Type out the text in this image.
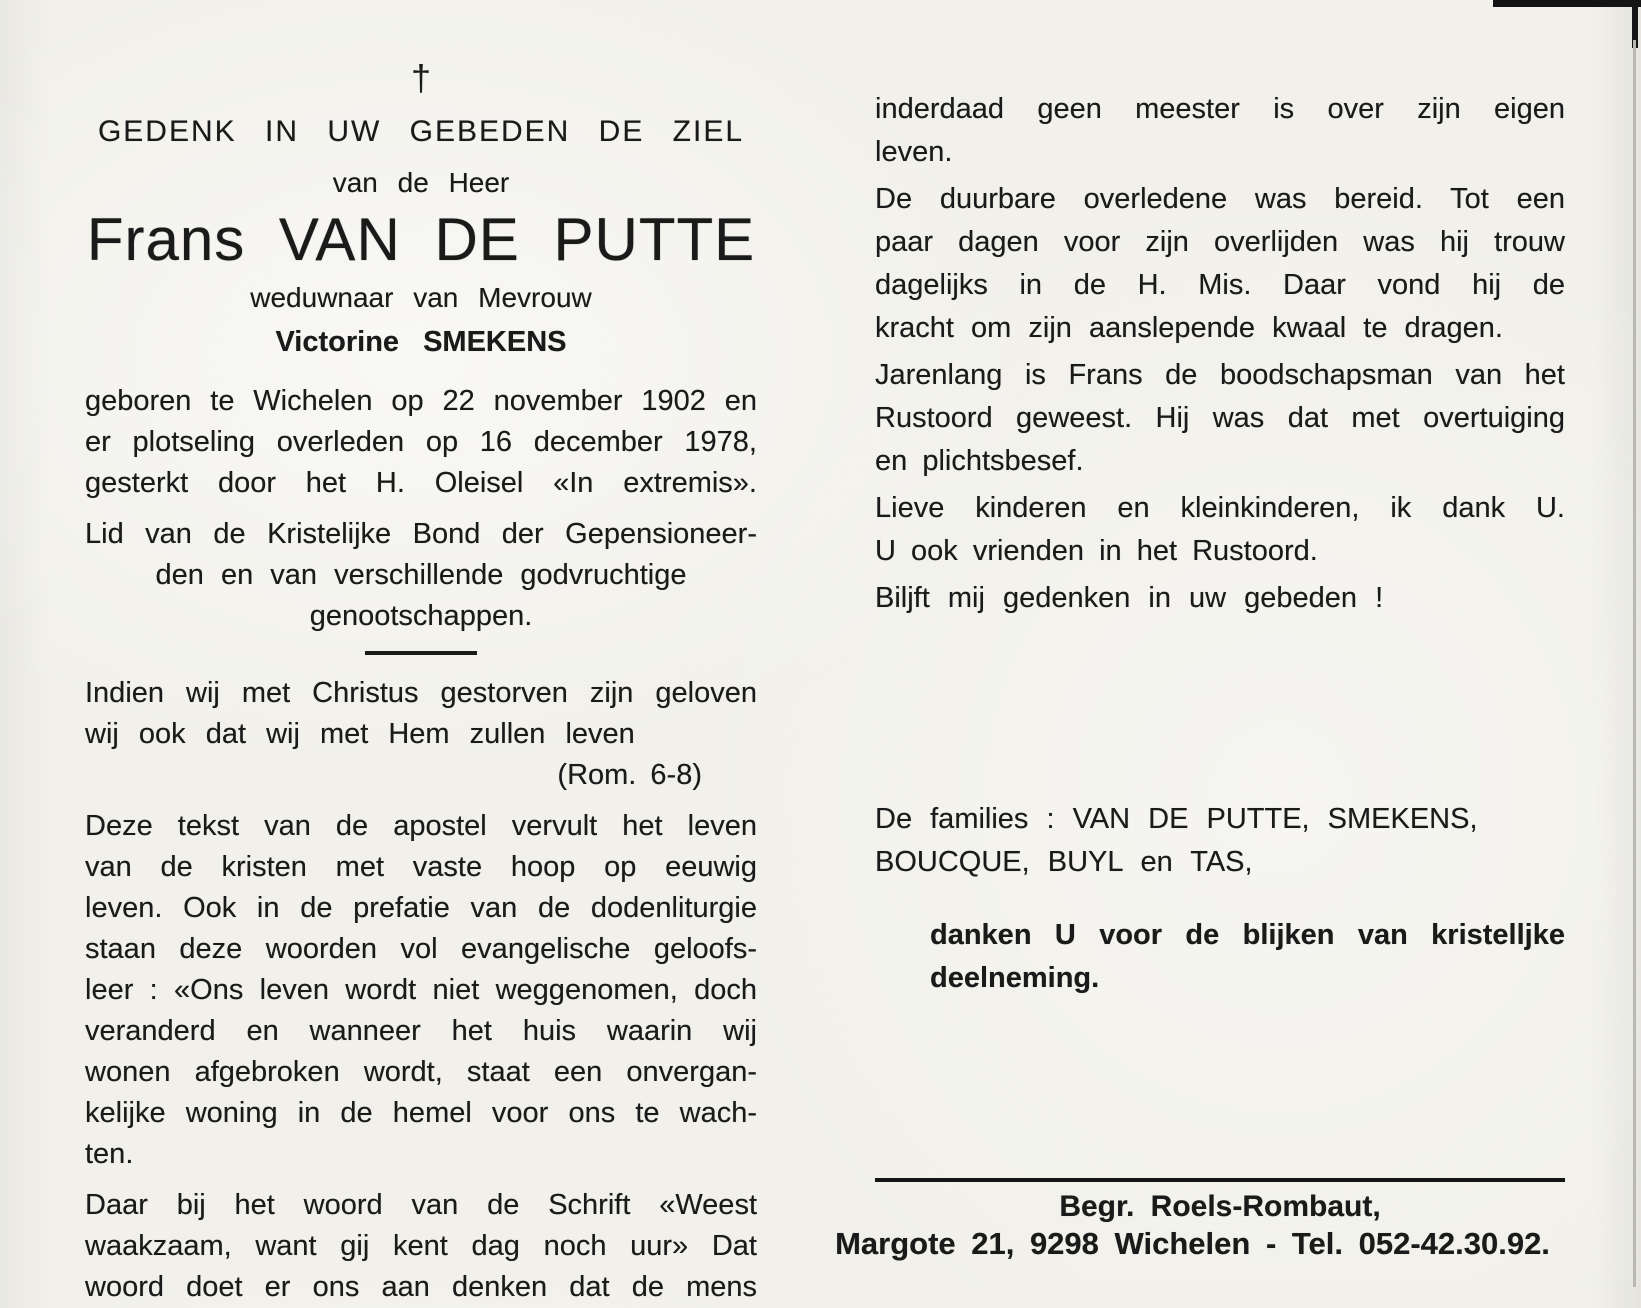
†
GEDENK IN UW GEBEDEN DE ZIEL
van de Heer
Frans VAN DE PUTTE
weduwnaar van Mevrouw
Victorine SMEKENS
geboren te Wichelen op 22 november 1902 en
er plotseling overleden op 16 december 1978,
gesterkt door het H. Oleisel «In extremis».
Lid van de Kristelijke Bond der Gepensioneer-
den en van verschillende godvruchtige
genootschappen.
Indien wij met Christus gestorven zijn geloven
wij ook dat wij met Hem zullen leven
(Rom. 6-8)
Deze tekst van de apostel vervult het leven
van de kristen met vaste hoop op eeuwig
leven. Ook in de prefatie van de dodenliturgie
staan deze woorden vol evangelische geloofs-
leer : «Ons leven wordt niet weggenomen, doch
veranderd en wanneer het huis waarin wij
wonen afgebroken wordt, staat een onvergan-
kelijke woning in de hemel voor ons te wach-
ten.
Daar bij het woord van de Schrift «Weest
waakzaam, want gij kent dag noch uur» Dat
woord doet er ons aan denken dat de mens
inderdaad geen meester is over zijn eigen
leven.
De duurbare overledene was bereid. Tot een
paar dagen voor zijn overlijden was hij trouw
dagelijks in de H. Mis. Daar vond hij de
kracht om zijn aanslepende kwaal te dragen.
Jarenlang is Frans de boodschapsman van het
Rustoord geweest. Hij was dat met overtuiging
en plichtsbesef.
Lieve kinderen en kleinkinderen, ik dank U.
U ook vrienden in het Rustoord.
Biljft mij gedenken in uw gebeden !
De families : VAN DE PUTTE, SMEKENS,
BOUCQUE, BUYL en TAS,
danken U voor de blijken van kristelljke
deelneming.
Begr. Roels-Rombaut,
Margote 21, 9298 Wichelen - Tel. 052-42.30.92.
